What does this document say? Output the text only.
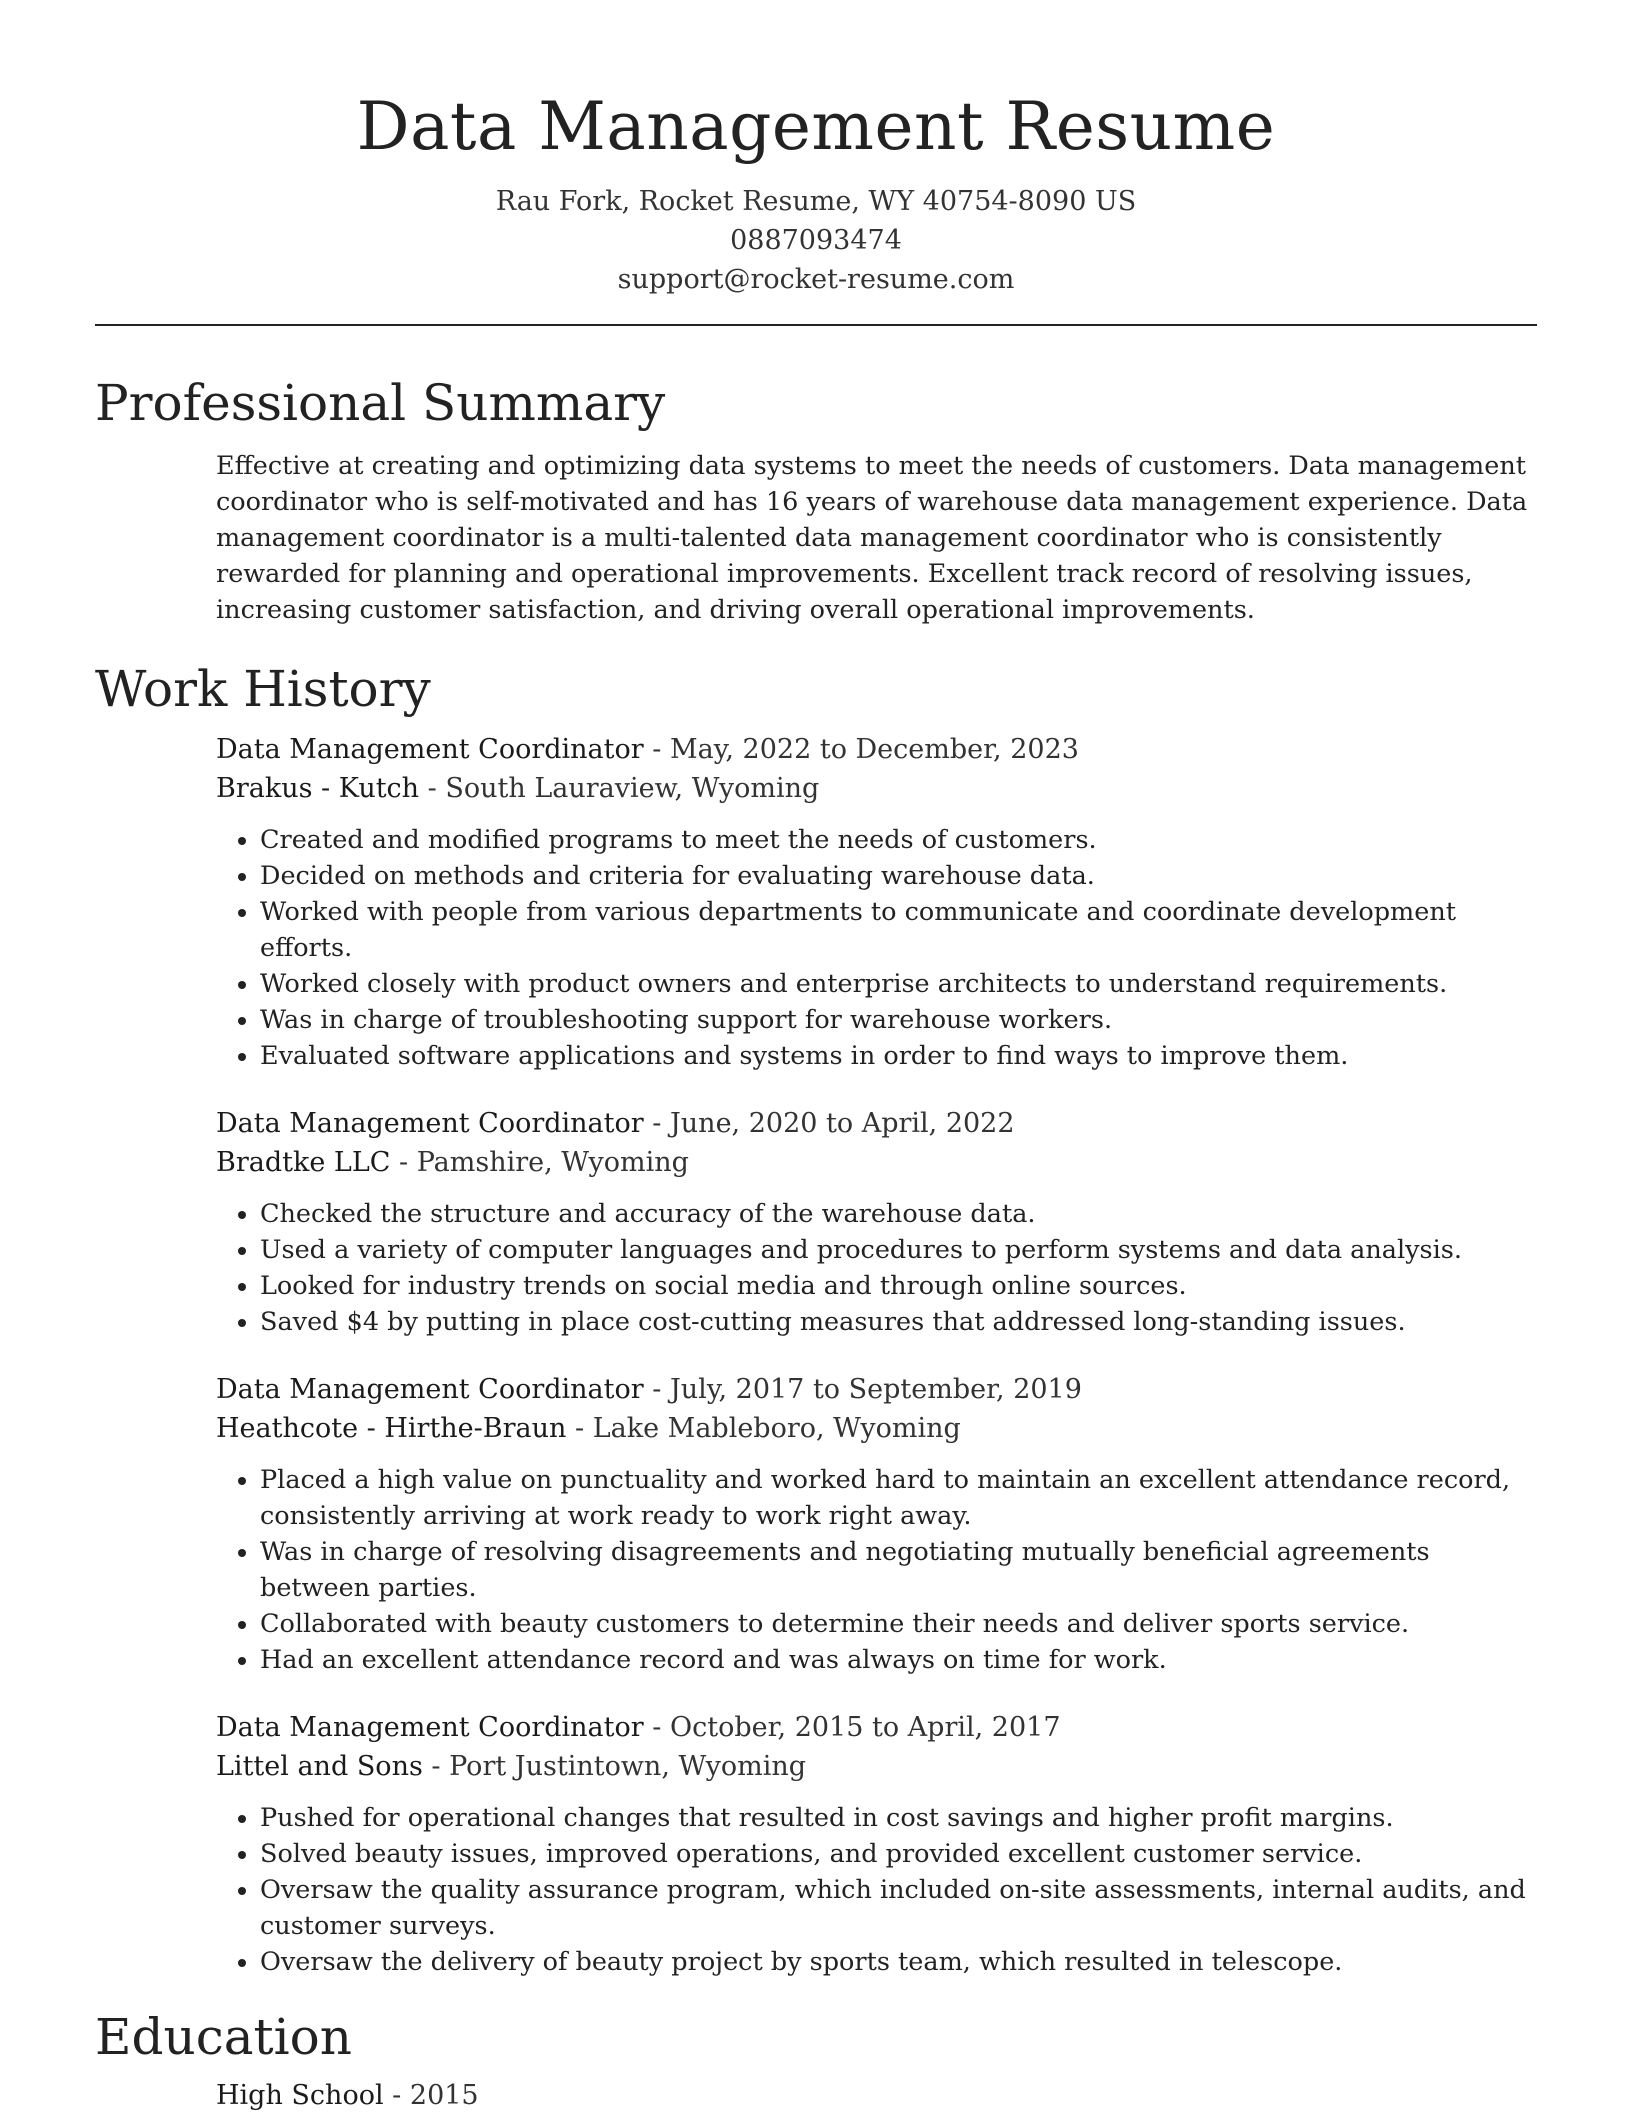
Data Management Resume
Rau Fork, Rocket Resume, WY 40754-8090 US
0887093474
support@rocket-resume.com
Professional Summary

Effective at creating and optimizing data systems to meet the needs of customers. Data management coordinator who is self-motivated and has 16 years of warehouse data management experience. Data management coordinator is a multi-talented data management coordinator who is consistently rewarded for planning and operational improvements. Excellent track record of resolving issues, increasing customer satisfaction, and driving overall operational improvements.

Work History
Data Management Coordinator - May, 2022 to December, 2023
Brakus - Kutch - South Lauraview, Wyoming
• Created and modified programs to meet the needs of customers.
• Decided on methods and criteria for evaluating warehouse data.
• Worked with people from various departments to communicate and coordinate development efforts.
• Worked closely with product owners and enterprise architects to understand requirements.
• Was in charge of troubleshooting support for warehouse workers.
• Evaluated software applications and systems in order to find ways to improve them.
Data Management Coordinator - June, 2020 to April, 2022
Bradtke LLC - Pamshire, Wyoming
• Checked the structure and accuracy of the warehouse data.
• Used a variety of computer languages and procedures to perform systems and data analysis.
• Looked for industry trends on social media and through online sources.
• Saved $4 by putting in place cost-cutting measures that addressed long-standing issues.
Data Management Coordinator - July, 2017 to September, 2019
Heathcote - Hirthe-Braun - Lake Mableboro, Wyoming
• Placed a high value on punctuality and worked hard to maintain an excellent attendance record, consistently arriving at work ready to work right away.
• Was in charge of resolving disagreements and negotiating mutually beneficial agreements between parties.
• Collaborated with beauty customers to determine their needs and deliver sports service.
• Had an excellent attendance record and was always on time for work.
Data Management Coordinator - October, 2015 to April, 2017
Littel and Sons - Port Justintown, Wyoming
• Pushed for operational changes that resulted in cost savings and higher profit margins.
• Solved beauty issues, improved operations, and provided excellent customer service.
• Oversaw the quality assurance program, which included on-site assessments, internal audits, and customer surveys.
• Oversaw the delivery of beauty project by sports team, which resulted in telescope.
Education
High School - 2015
